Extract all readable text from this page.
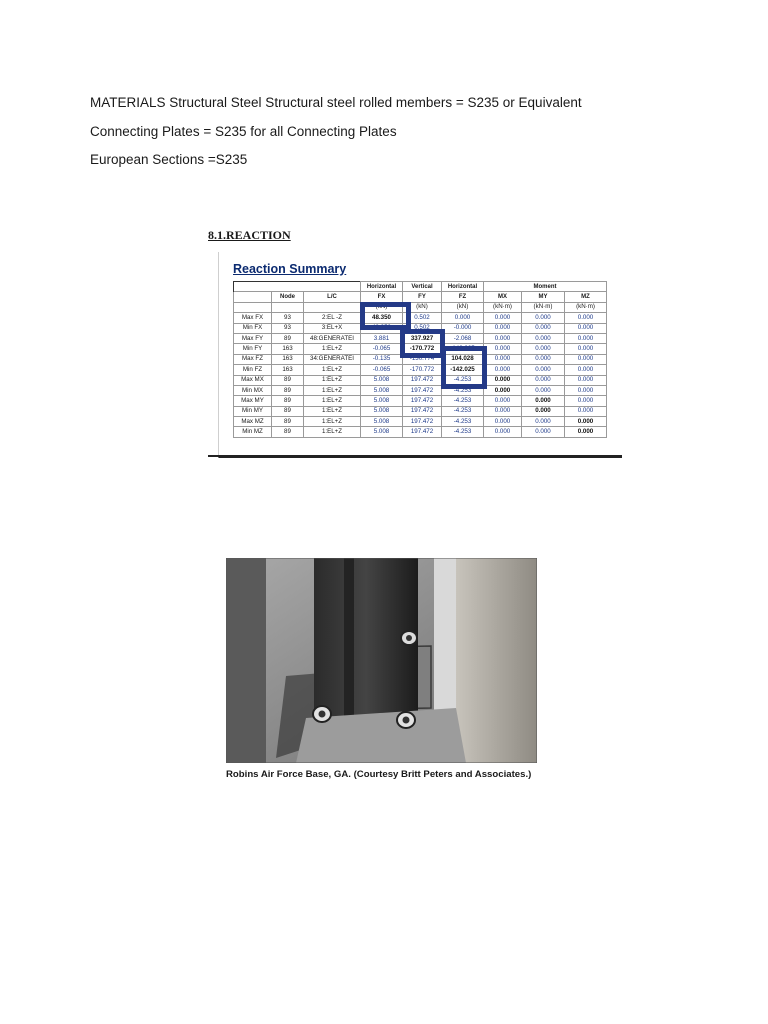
MATERIALS Structural Steel Structural steel rolled members = S235 or Equivalent
Connecting Plates = S235 for all Connecting Plates
European Sections =S235
8.1.REACTION
Reaction Summary
			Horizontal	Vertical	Horizontal	Moment		
	Node	L/C	FX	FY	FZ	MX	MY	MZ
			(kN)	(kN)	(kN)	(kN·m)	(kN·m)	(kN·m)
Max FX	93	2:EL -Z	48.350	0.502	0.000	0.000	0.000	0.000
Min FX	93	3:EL+X	48.350	0.502	-0.000	0.000	0.000	0.000
Max FY	89	48:GENERATEI	3.881	337.927	-2.068	0.000	0.000	0.000
Min FY	163	1:EL+Z	-0.065	-170.772	-142.025	0.000	0.000	0.000
Max FZ	163	34:GENERATEI	-0.135	-130.774	104.028	0.000	0.000	0.000
Min FZ	163	1:EL+Z	-0.065	-170.772	-142.025	0.000	0.000	0.000
Max MX	89	1:EL+Z	5.008	197.472	-4.253	0.000	0.000	0.000
Min MX	89	1:EL+Z	5.008	197.472	-4.253	0.000	0.000	0.000
Max MY	89	1:EL+Z	5.008	197.472	-4.253	0.000	0.000	0.000
Min MY	89	1:EL+Z	5.008	197.472	-4.253	0.000	0.000	0.000
Max MZ	89	1:EL+Z	5.008	197.472	-4.253	0.000	0.000	0.000
Min MZ	89	1:EL+Z	5.008	197.472	-4.253	0.000	0.000	0.000
Robins Air Force Base, GA. (Courtesy Britt Peters and Associates.)
